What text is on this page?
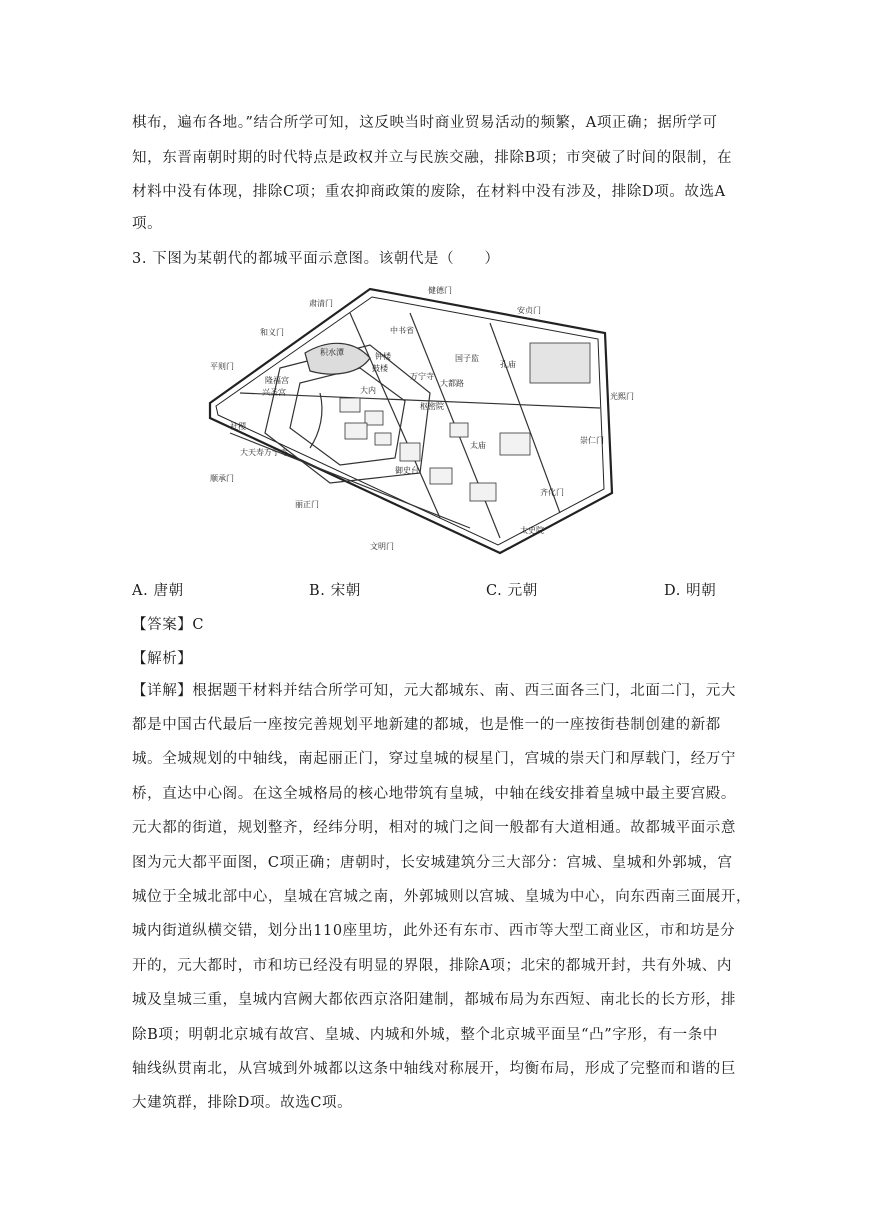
棋布，遍布各地。”结合所学可知，这反映当时商业贸易活动的频繁，A项正确；据所学可
知，东晋南朝时期的时代特点是政权并立与民族交融，排除B项；市突破了时间的限制，在
材料中没有体现，排除C项；重农抑商政策的废除，在材料中没有涉及，排除D项。故选A
项。
3. 下图为某朝代的都城平面示意图。该朝代是（　　）
肃清门
健德门
安贞门
和义门
平则门
光熙门
崇仁门
齐化门
顺承门
丽正门
文明门
中书省
积水潭
国子监
孔庙
大都路
太庙
社稷
大天寿万宁寺
太史院
隆福宫
兴圣宫	大内
枢密院
御史台
万宁寺
钟楼
鼓楼
A. 唐朝	B. 宋朝	C. 元朝	D. 明朝
【答案】C
【解析】
【详解】根据题干材料并结合所学可知，元大都城东、南、西三面各三门，北面二门，元大
都是中国古代最后一座按完善规划平地新建的都城，也是惟一的一座按街巷制创建的新都
城。全城规划的中轴线，南起丽正门，穿过皇城的棂星门，宫城的崇天门和厚载门，经万宁
桥，直达中心阁。在这全城格局的核心地带筑有皇城，中轴在线安排着皇城中最主要宫殿。
元大都的街道，规划整齐，经纬分明，相对的城门之间一般都有大道相通。故都城平面示意
图为元大都平面图，C项正确；唐朝时，长安城建筑分三大部分：宫城、皇城和外郭城，宫
城位于全城北部中心，皇城在宫城之南，外郭城则以宫城、皇城为中心，向东西南三面展开，
城内街道纵横交错，划分出110座里坊，此外还有东市、西市等大型工商业区，市和坊是分
开的，元大都时，市和坊已经没有明显的界限，排除A项；北宋的都城开封，共有外城、内
城及皇城三重，皇城内宫阙大都依西京洛阳建制，都城布局为东西短、南北长的长方形，排
除B项；明朝北京城有故宫、皇城、内城和外城，整个北京城平面呈“凸”字形，有一条中
轴线纵贯南北，从宫城到外城都以这条中轴线对称展开，均衡布局，形成了完整而和谐的巨
大建筑群，排除D项。故选C项。
